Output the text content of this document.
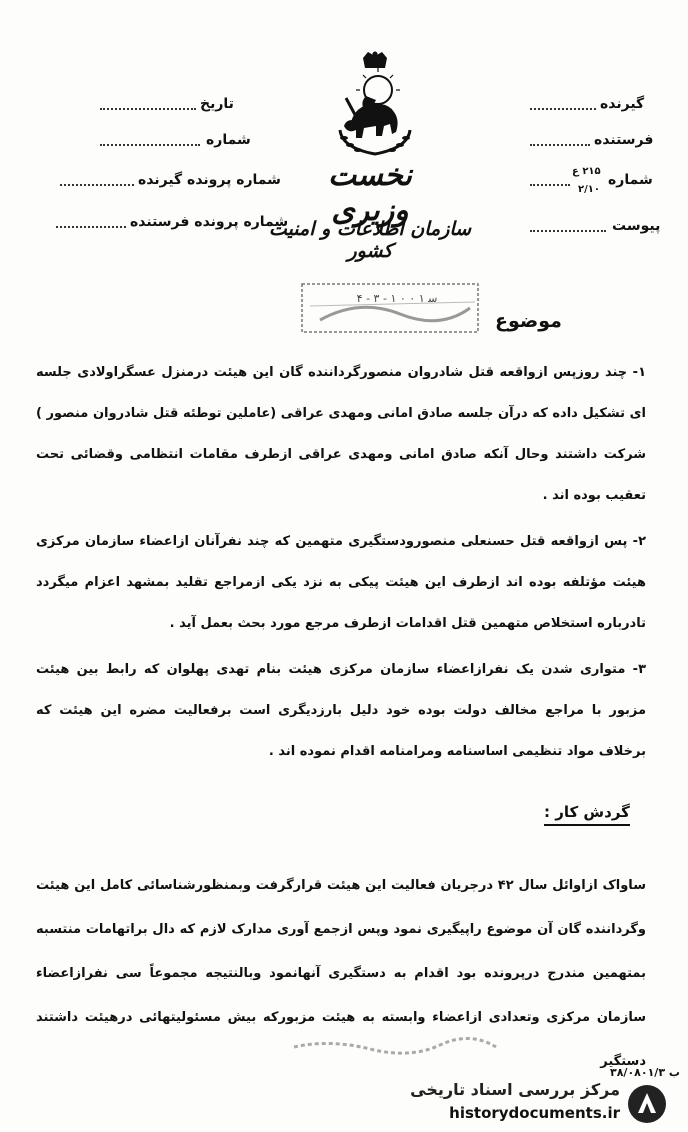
گیرنده
فرستنده
شماره
۲۱۵ ع
۲/۱۰
پیوست
تاریخ
شماره
شماره پرونده گیرنده
شماره پرونده فرستنده
نخست وزیری
سازمان اطلاعات و امنیت کشور
س‍ ۱ ۰ ۰ ۱ - ۳ - ۴
موضوع

۱- چند روزپس ازواقعه قتل شادروان منصورگرداننده گان این هیئت درمنزل عسگراولادی جلسه ای تشکیل داده که درآن جلسه صادق امانی ومهدی عراقی (عاملین توطئه قتل شادروان منصور ) شرکت داشتند وحال آنکه صادق امانی ومهدی عراقی ازطرف مقامات انتظامی وقضائی تحت تعقیب بوده اند .

۲- پس ازواقعه قتل حسنعلی منصورودستگیری متهمین که چند نفرآنان ازاعضاء سازمان مرکزی هیئت مؤتلفه بوده اند ازطرف این هیئت پیکی به نزد یکی ازمراجع تقلید بمشهد اعزام میگردد تادرباره استخلاص متهمین قتل اقدامات ازطرف مرجع مورد بحث بعمل آید .

۳- متواری شدن یک نفرازاعضاء سازمان مرکزی هیئت بنام تهدی پهلوان که رابط بین هیئت مزبور با مراجع مخالف دولت بوده خود دلیل بارزدیگری است برفعالیت مضره این هیئت که برخلاف مواد تنظیمی اساسنامه ومرامنامه اقدام نموده اند .

گردش کار :
ساواک ازاوائل سال ۴۲ درجریان فعالیت این هیئت قرارگرفت وبمنظورشناسائی کامل این هیئت وگرداننده گان آن موضوع راپیگیری نمود وپس ازجمع آوری مدارک لازم که دال براتهامات منتسبه بمتهمین مندرج درپرونده بود اقدام به دستگیری آنهانمود وبالنتیجه مجموعاً سی نفرازاعضاء سازمان مرکزی وتعدادی ازاعضاء وابسته به هیئت مزبورکه بیش مسئولیتهائی درهیئت داشتند دستگیر
۳۸/۰۸۰۱/۳ ب
مرکز بررسی اسناد تاریخی
historydocuments.ir
